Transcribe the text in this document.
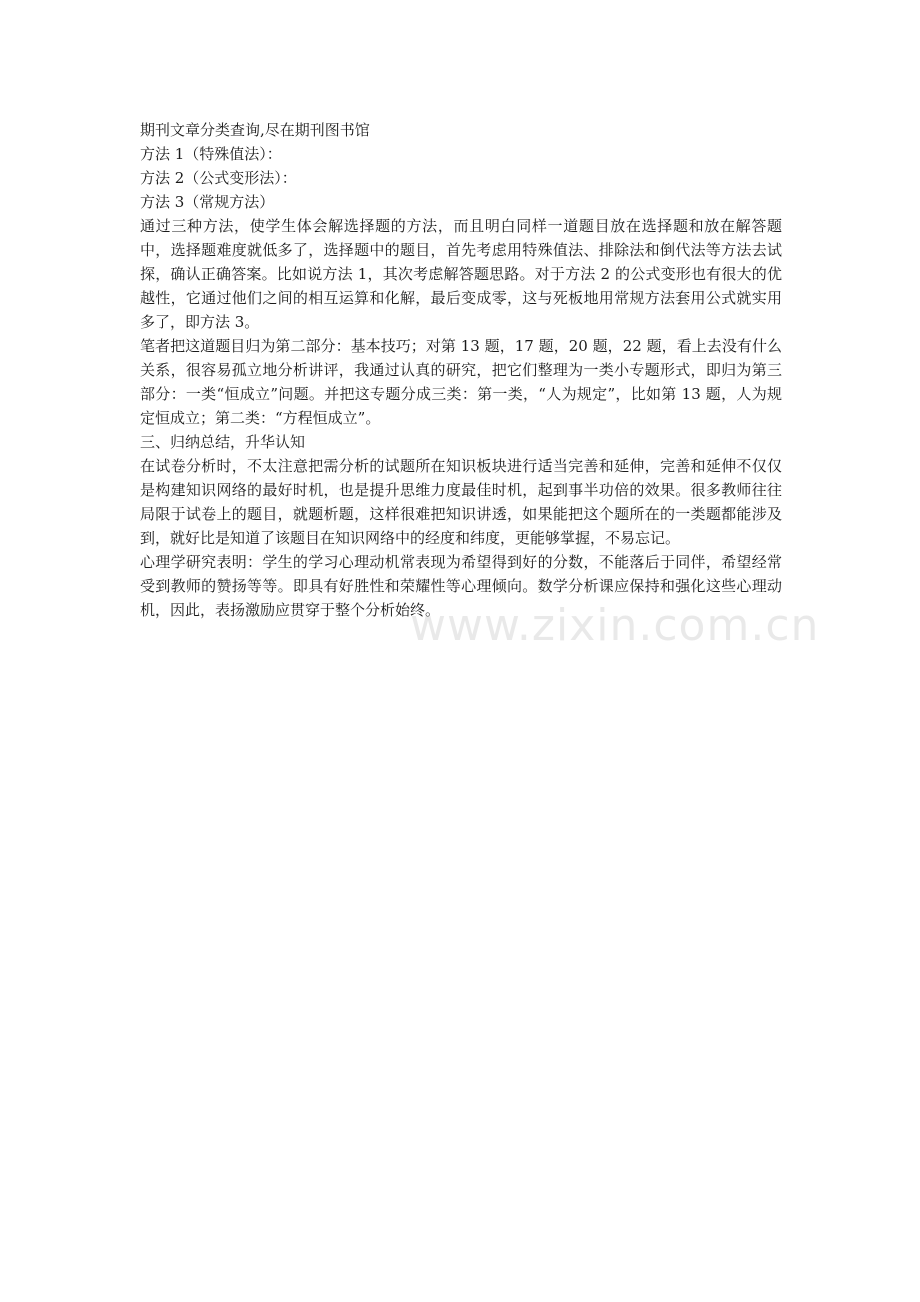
期刊文章分类查询,尽在期刊图书馆

方法 1（特殊值法）：

方法 2（公式变形法）：

方法 3（常规方法）

通过三种方法，使学生体会解选择题的方法，而且明白同样一道题目放在选择题和放在解答题中，选择题难度就低多了，选择题中的题目，首先考虑用特殊值法、排除法和倒代法等方法去试探，确认正确答案。比如说方法 1，其次考虑解答题思路。对于方法 2 的公式变形也有很大的优越性，它通过他们之间的相互运算和化解，最后变成零，这与死板地用常规方法套用公式就实用多了，即方法 3。

笔者把这道题目归为第二部分：基本技巧；对第 13 题，17 题，20 题，22 题，看上去没有什么关系，很容易孤立地分析讲评，我通过认真的研究，把它们整理为一类小专题形式，即归为第三部分：一类“恒成立”问题。并把这专题分成三类：第一类，“人为规定”，比如第 13 题，人为规定恒成立；第二类：“方程恒成立”。

三、归纳总结，升华认知

在试卷分析时，不太注意把需分析的试题所在知识板块进行适当完善和延伸，完善和延伸不仅仅是构建知识网络的最好时机，也是提升思维力度最佳时机，起到事半功倍的效果。很多教师往往局限于试卷上的题目，就题析题，这样很难把知识讲透，如果能把这个题所在的一类题都能涉及到，就好比是知道了该题目在知识网络中的经度和纬度，更能够掌握，不易忘记。

心理学研究表明：学生的学习心理动机常表现为希望得到好的分数，不能落后于同伴，希望经常受到教师的赞扬等等。即具有好胜性和荣耀性等心理倾向。数学分析课应保持和强化这些心理动机，因此，表扬激励应贯穿于整个分析始终。

www.zixin.com.cn
